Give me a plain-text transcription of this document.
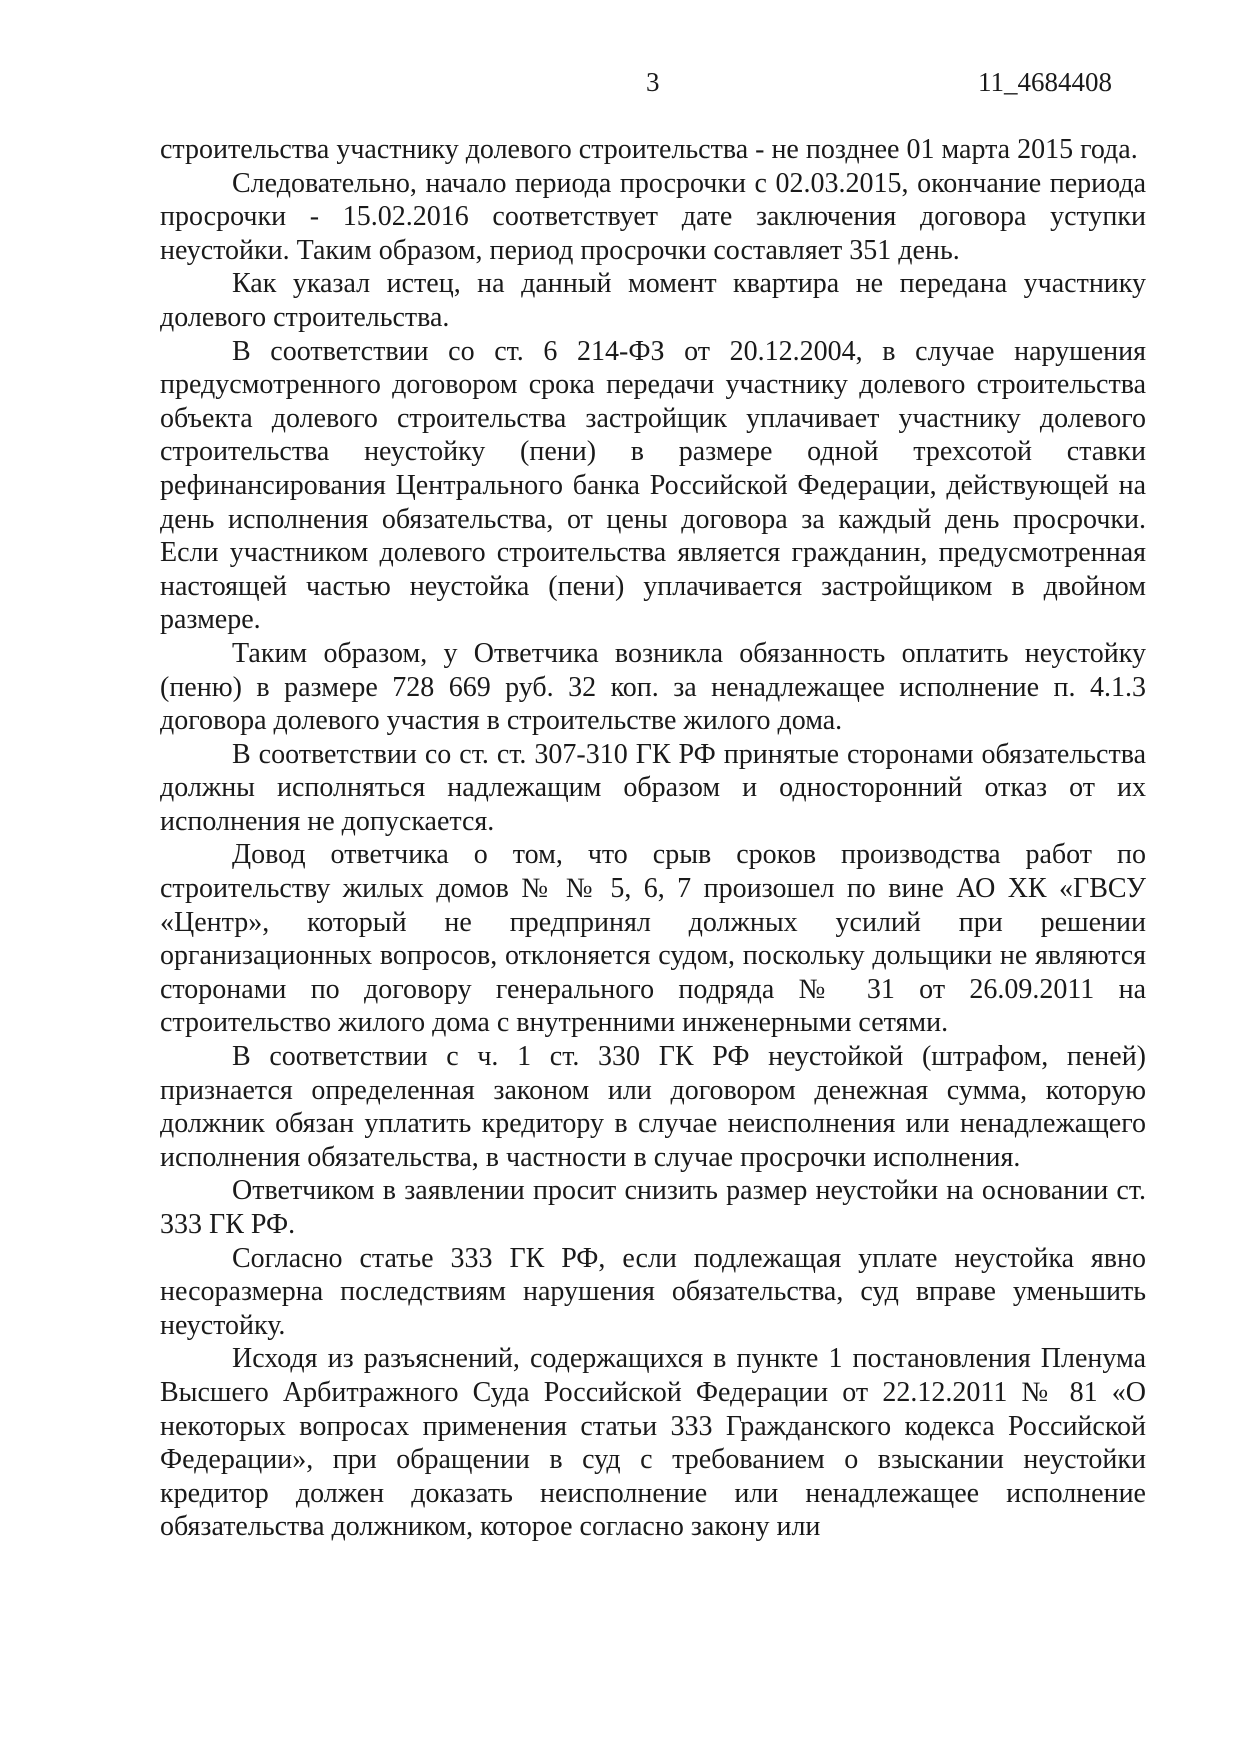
3	11_4684408

строительства участнику долевого строительства - не позднее 01 марта 2015 года.

Следовательно, начало периода просрочки с 02.03.2015, окончание периода просрочки - 15.02.2016 соответствует дате заключения договора уступки неустойки. Таким образом, период просрочки составляет 351 день.

Как указал истец, на данный момент квартира не передана участнику долевого строительства.

В соответствии со ст. 6 214-ФЗ от 20.12.2004, в случае нарушения предусмотренного договором срока передачи участнику долевого строительства объекта долевого строительства застройщик уплачивает участнику долевого строительства неустойку (пени) в размере одной трехсотой ставки рефинансирования Центрального банка Российской Федерации, действующей на день исполнения обязательства, от цены договора за каждый день просрочки. Если участником долевого строительства является гражданин, предусмотренная настоящей частью неустойка (пени) уплачивается застройщиком в двойном размере.

Таким образом, у Ответчика возникла обязанность оплатить неустойку (пеню) в размере 728 669 руб. 32 коп. за ненадлежащее исполнение п. 4.1.3 договора долевого участия в строительстве жилого дома.

В соответствии со ст. ст. 307-310 ГК РФ принятые сторонами обязательства должны исполняться надлежащим образом и односторонний отказ от их исполнения не допускается.

Довод ответчика о том, что срыв сроков производства работ по строительству жилых домов № № 5, 6, 7 произошел по вине АО ХК «ГВСУ «Центр», который не предпринял должных усилий при решении организационных вопросов, отклоняется судом, поскольку дольщики не являются сторонами по договору генерального подряда № 31 от 26.09.2011 на строительство жилого дома с внутренними инженерными сетями.

В соответствии с ч. 1 ст. 330 ГК РФ неустойкой (штрафом, пеней) признается определенная законом или договором денежная сумма, которую должник обязан уплатить кредитору в случае неисполнения или ненадлежащего исполнения обязательства, в частности в случае просрочки исполнения.

Ответчиком в заявлении просит снизить размер неустойки на основании ст. 333 ГК РФ.

Согласно статье 333 ГК РФ, если подлежащая уплате неустойка явно несоразмерна последствиям нарушения обязательства, суд вправе уменьшить неустойку.

Исходя из разъяснений, содержащихся в пункте 1 постановления Пленума Высшего Арбитражного Суда Российской Федерации от 22.12.2011 № 81 «О некоторых вопросах применения статьи 333 Гражданского кодекса Российской Федерации», при обращении в суд с требованием о взыскании неустойки кредитор должен доказать неисполнение или ненадлежащее исполнение обязательства должником, которое согласно закону или
